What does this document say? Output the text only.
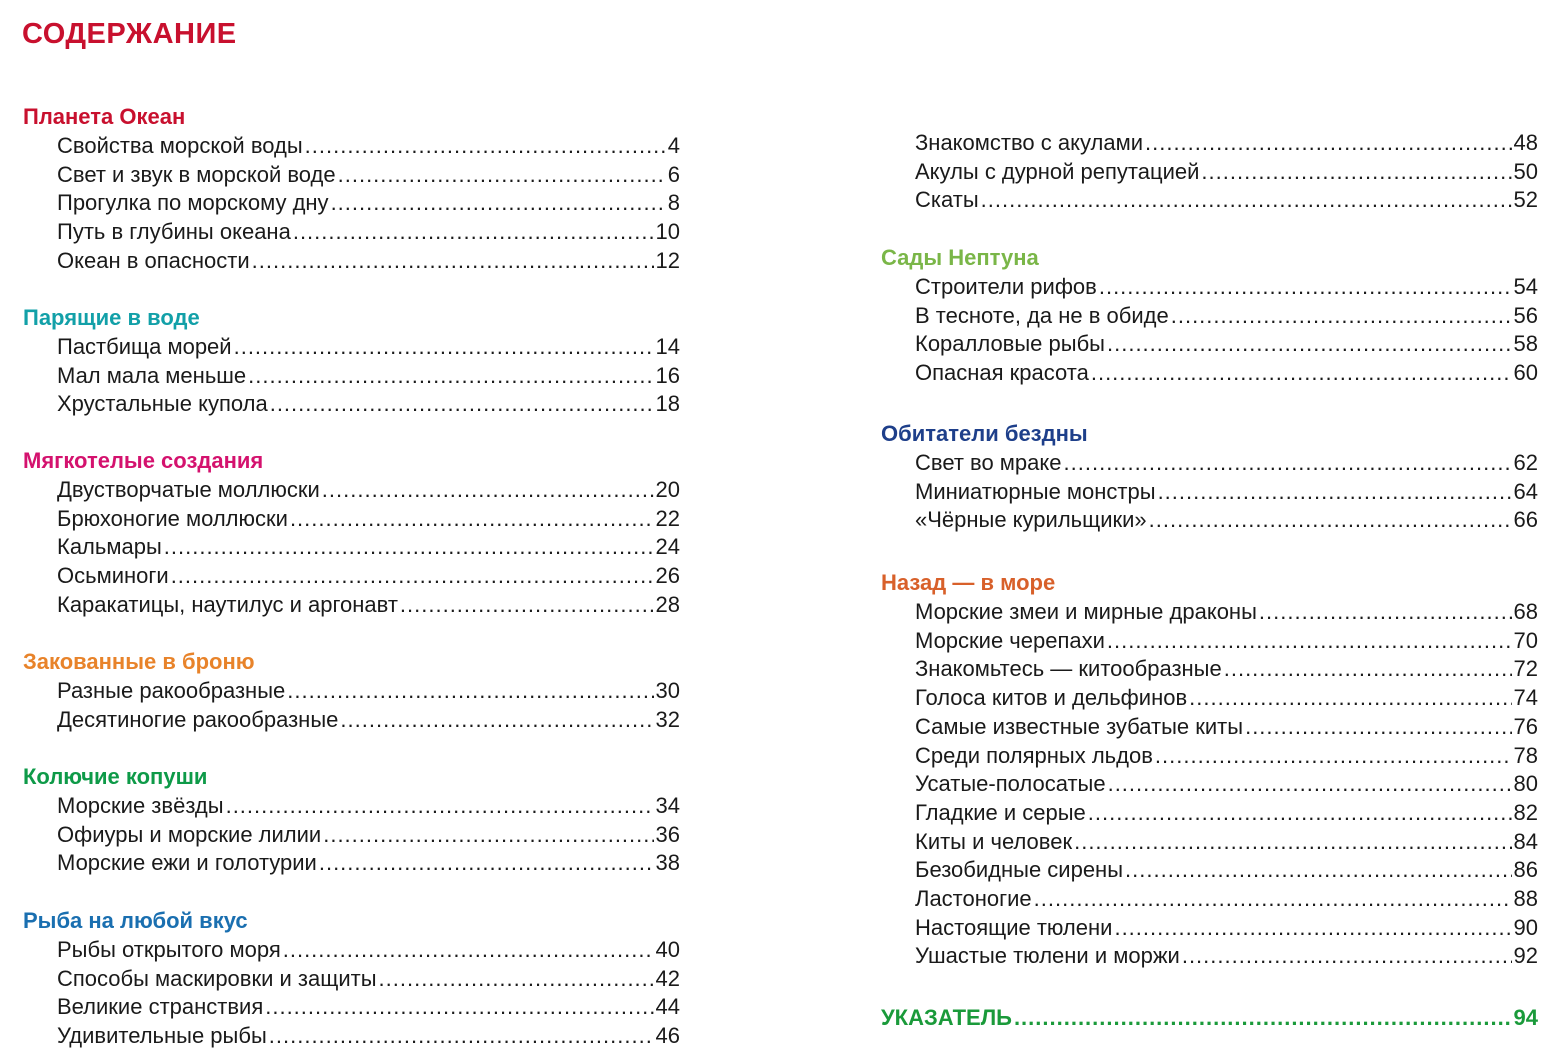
СОДЕРЖАНИЕ
Планета Океан
Свойства морской воды .....	4
Свет и звук в морской воде .....	6
Прогулка по морскому дну .....	8
Путь в глубины океана .....	10
Океан в опасности .....	12
Парящие в воде
Пастбища морей .....	14
Мал мала меньше .....	16
Хрустальные купола .....	18
Мягкотелые создания
Двустворчатые моллюски .....	20
Брюхоногие моллюски .....	22
Кальмары .....	24
Осьминоги .....	26
Каракатицы, наутилус и аргонавт .....	28
Закованные в броню
Разные ракообразные .....	30
Десятиногие ракообразные .....	32
Колючие копуши
Морские звёзды .....	34
Офиуры и морские лилии .....	36
Морские ежи и голотурии .....	38
Рыба на любой вкус
Рыбы открытого моря .....	40
Способы маскировки и защиты .....	42
Великие странствия .....	44
Удивительные рыбы .....	46
Знакомство с акулами .....	48
Акулы с дурной репутацией .....	50
Скаты .....	52
Сады Нептуна
Строители рифов .....	54
В тесноте, да не в обиде .....	56
Коралловые рыбы .....	58
Опасная красота .....	60
Обитатели бездны
Свет во мраке .....	62
Миниатюрные монстры .....	64
«Чёрные курильщики» .....	66
Назад — в море
Морские змеи и мирные драконы .....	68
Морские черепахи .....	70
Знакомьтесь — китообразные .....	72
Голоса китов и дельфинов .....	74
Самые известные зубатые киты .....	76
Среди полярных льдов .....	78
Усатые-полосатые .....	80
Гладкие и серые .....	82
Киты и человек .....	84
Безобидные сирены .....	86
Ластоногие .....	88
Настоящие тюлени .....	90
Ушастые тюлени и моржи .....	92
УКАЗАТЕЛЬ .....	94
